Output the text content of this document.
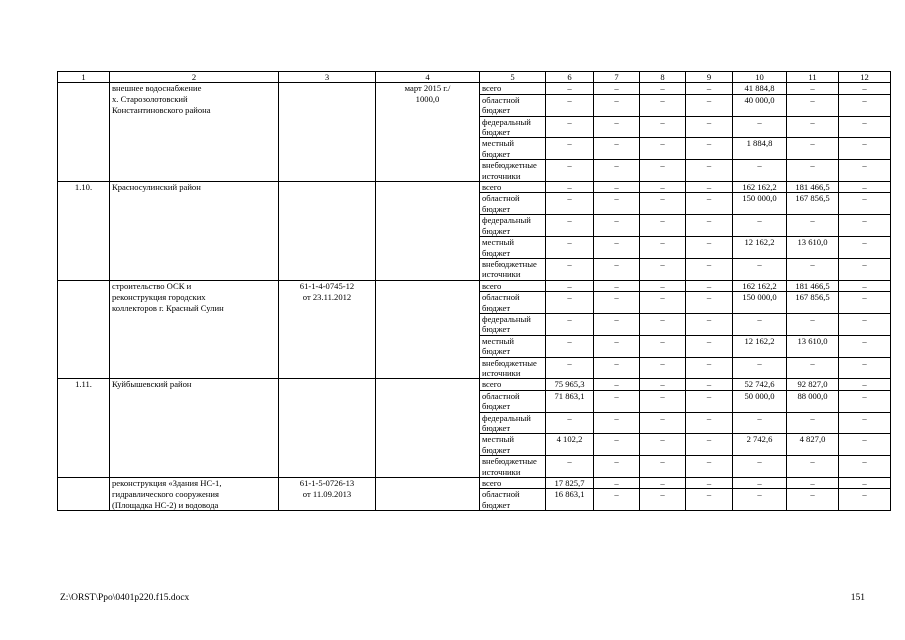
1	2	3	4	5	6	7	8	9	10	11	12
	внешнее водоснабжение		март 2015 г./	всего	–	–	–	–	41 884,8	–	–
	х. Старозолотовский		1000,0	областной	–	–	–	–	40 000,0	–	–
	Константиновского района			бюджет							
				федеральный	–	–	–	–	–	–	–
				бюджет							
				местный	–	–	–	–	1 884,8	–	–
				бюджет							
				внебюджетные	–	–	–	–	–	–	–
				источники							
1.10.	Красносулинский район			всего	–	–	–	–	162 162,2	181 466,5	–
				областной	–	–	–	–	150 000,0	167 856,5	–
				бюджет							
				федеральный	–	–	–	–	–	–	–
				бюджет							
				местный	–	–	–	–	12 162,2	13 610,0	–
				бюджет							
				внебюджетные	–	–	–	–	–	–	–
				источники							
	строительство ОСК и	61-1-4-0745-12		всего	–	–	–	–	162 162,2	181 466,5	–
	реконструкция городских	от 23.11.2012		областной	–	–	–	–	150 000,0	167 856,5	–
	коллекторов г. Красный Сулин			бюджет							
				федеральный	–	–	–	–	–	–	–
				бюджет							
				местный	–	–	–	–	12 162,2	13 610,0	–
				бюджет							
				внебюджетные	–	–	–	–	–	–	–
				источники							
1.11.	Куйбышевский район			всего	75 965,3	–	–	–	52 742,6	92 827,0	–
				областной	71 863,1	–	–	–	50 000,0	88 000,0	–
				бюджет							
				федеральный	–	–	–	–	–	–	–
				бюджет							
				местный	4 102,2	–	–	–	2 742,6	4 827,0	–
				бюджет							
				внебюджетные	–	–	–	–	–	–	–
				источники							
	реконструкция «Здания НС-1,	61-1-5-0726-13		всего	17 825,7	–	–	–	–	–	–
	гидравлического сооружения	от 11.09.2013		областной	16 863,1	–	–	–	–	–	–
	(Площадка НС-2) и водовода			бюджет							
Z:\ORST\Ppo\0401p220.f15.docx	151
